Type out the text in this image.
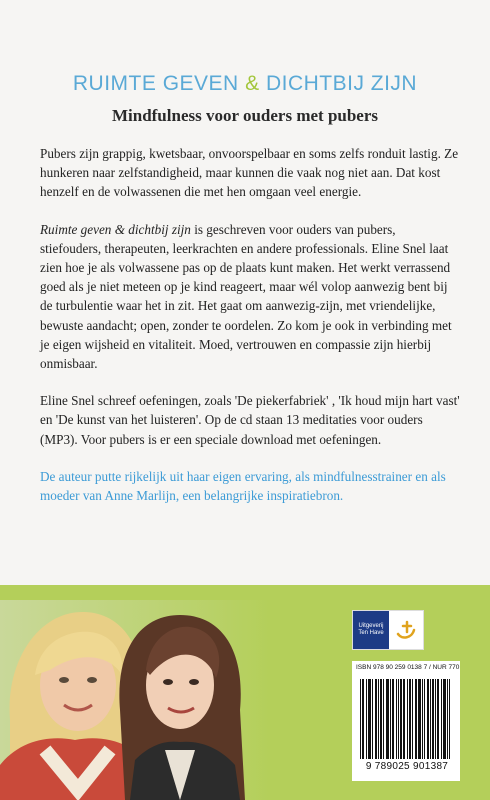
RUIMTE GEVEN & DICHTBIJ ZIJN
Mindfulness voor ouders met pubers

Pubers zijn grappig, kwetsbaar, onvoorspelbaar en soms zelfs ronduit lastig. Ze hunkeren naar zelfstandigheid, maar kunnen die vaak nog niet aan. Dat kost henzelf en de volwassenen die met hen omgaan veel energie.

Ruimte geven & dichtbij zijn is geschreven voor ouders van pubers, stiefouders, therapeuten, leerkrachten en andere professionals. Eline Snel laat zien hoe je als volwassene pas op de plaats kunt maken. Het werkt verrassend goed als je niet meteen op je kind reageert, maar wél volop aanwezig bent bij de turbulentie waar het in zit. Het gaat om aanwezig-zijn, met vriendelijke, bewuste aandacht; open, zonder te oordelen. Zo kom je ook in verbinding met je eigen wijsheid en vitaliteit. Moed, vertrouwen en compassie zijn hierbij onmisbaar.

Eline Snel schreef oefeningen, zoals 'De piekerfabriek' , 'Ik houd mijn hart vast' en 'De kunst van het luisteren'. Op de cd staan 13 meditaties voor ouders (MP3). Voor pubers is er een speciale download met oefeningen.

De auteur putte rijkelijk uit haar eigen ervaring, als mindfulnesstrainer en als moeder van Anne Marlijn, een belangrijke inspiratiebron.

Uitgeverij
Ten Have
ISBN 978 90 259 0138 7 / NUR 770
9 789025 901387
